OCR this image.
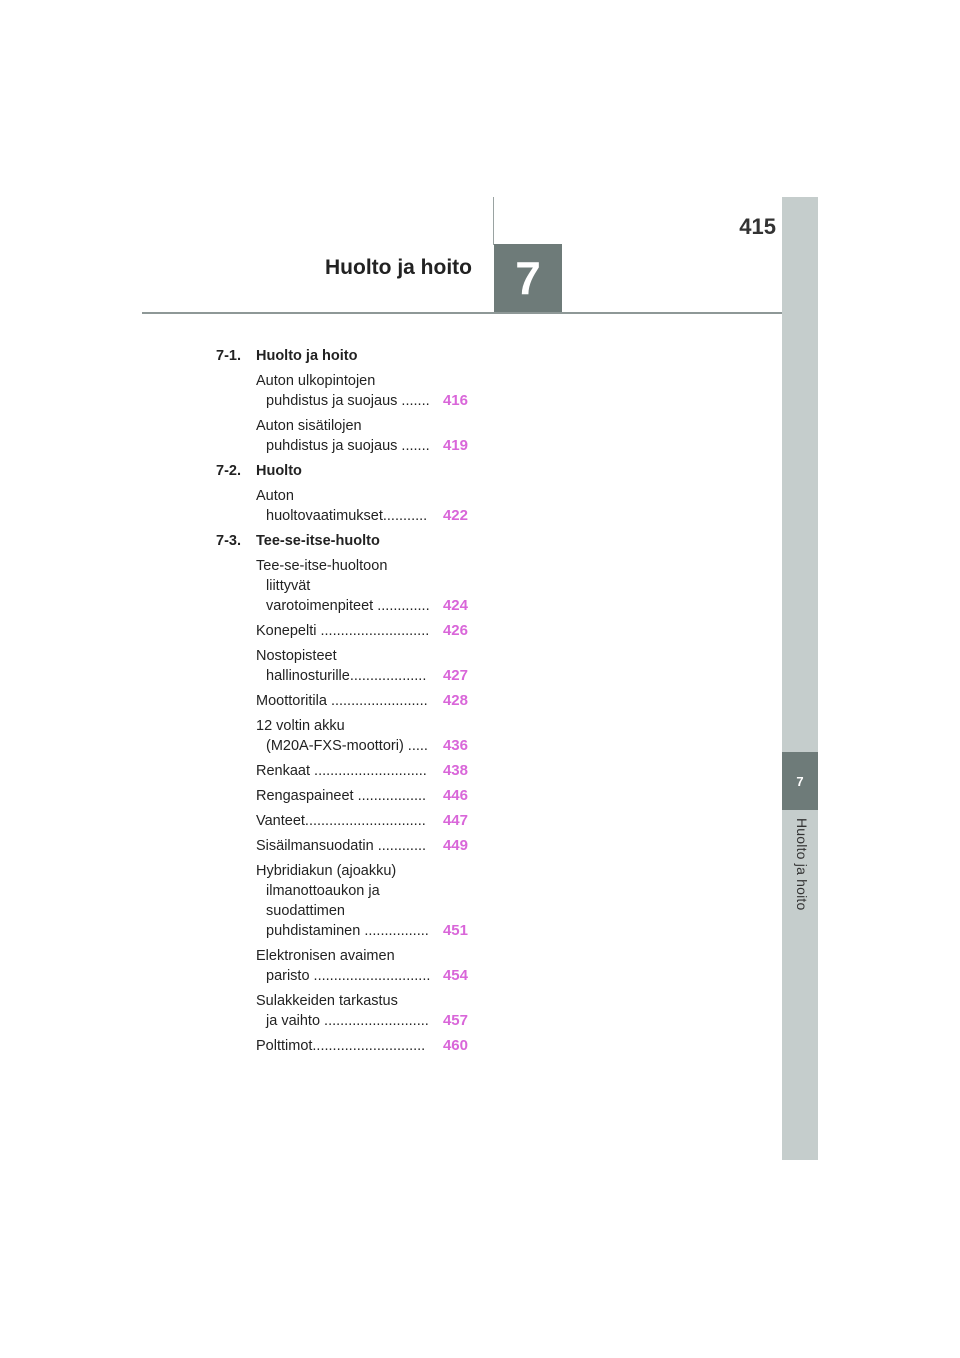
7
Huolto ja hoito
415
Huolto ja hoito 7
7-1.	Huolto ja hoito
Auton ulkopintojen
puhdistus ja suojaus ....... 416
Auton sisätilojen
puhdistus ja suojaus ....... 419
7-2.	Huolto
Auton
huoltovaatimukset...........	422
7-3.	Tee-se-itse-huolto
Tee-se-itse-huoltoon
liittyvät
varotoimenpiteet ............. 424
Konepelti ........................... 426
Nostopisteet
hallinosturille...................	427
Moottoritila ........................	428
12 voltin akku
(M20A-FXS-moottori) .....	436
Renkaat ............................	438
Rengaspaineet .................	446
Vanteet..............................	447
Sisäilmansuodatin ............	449
Hybridiakun (ajoakku)
ilmanottoaukon ja
suodattimen
puhdistaminen ................ 451
Elektronisen avaimen
paristo ............................. 454
Sulakkeiden tarkastus
ja vaihto .......................... 457
Polttimot............................	460
